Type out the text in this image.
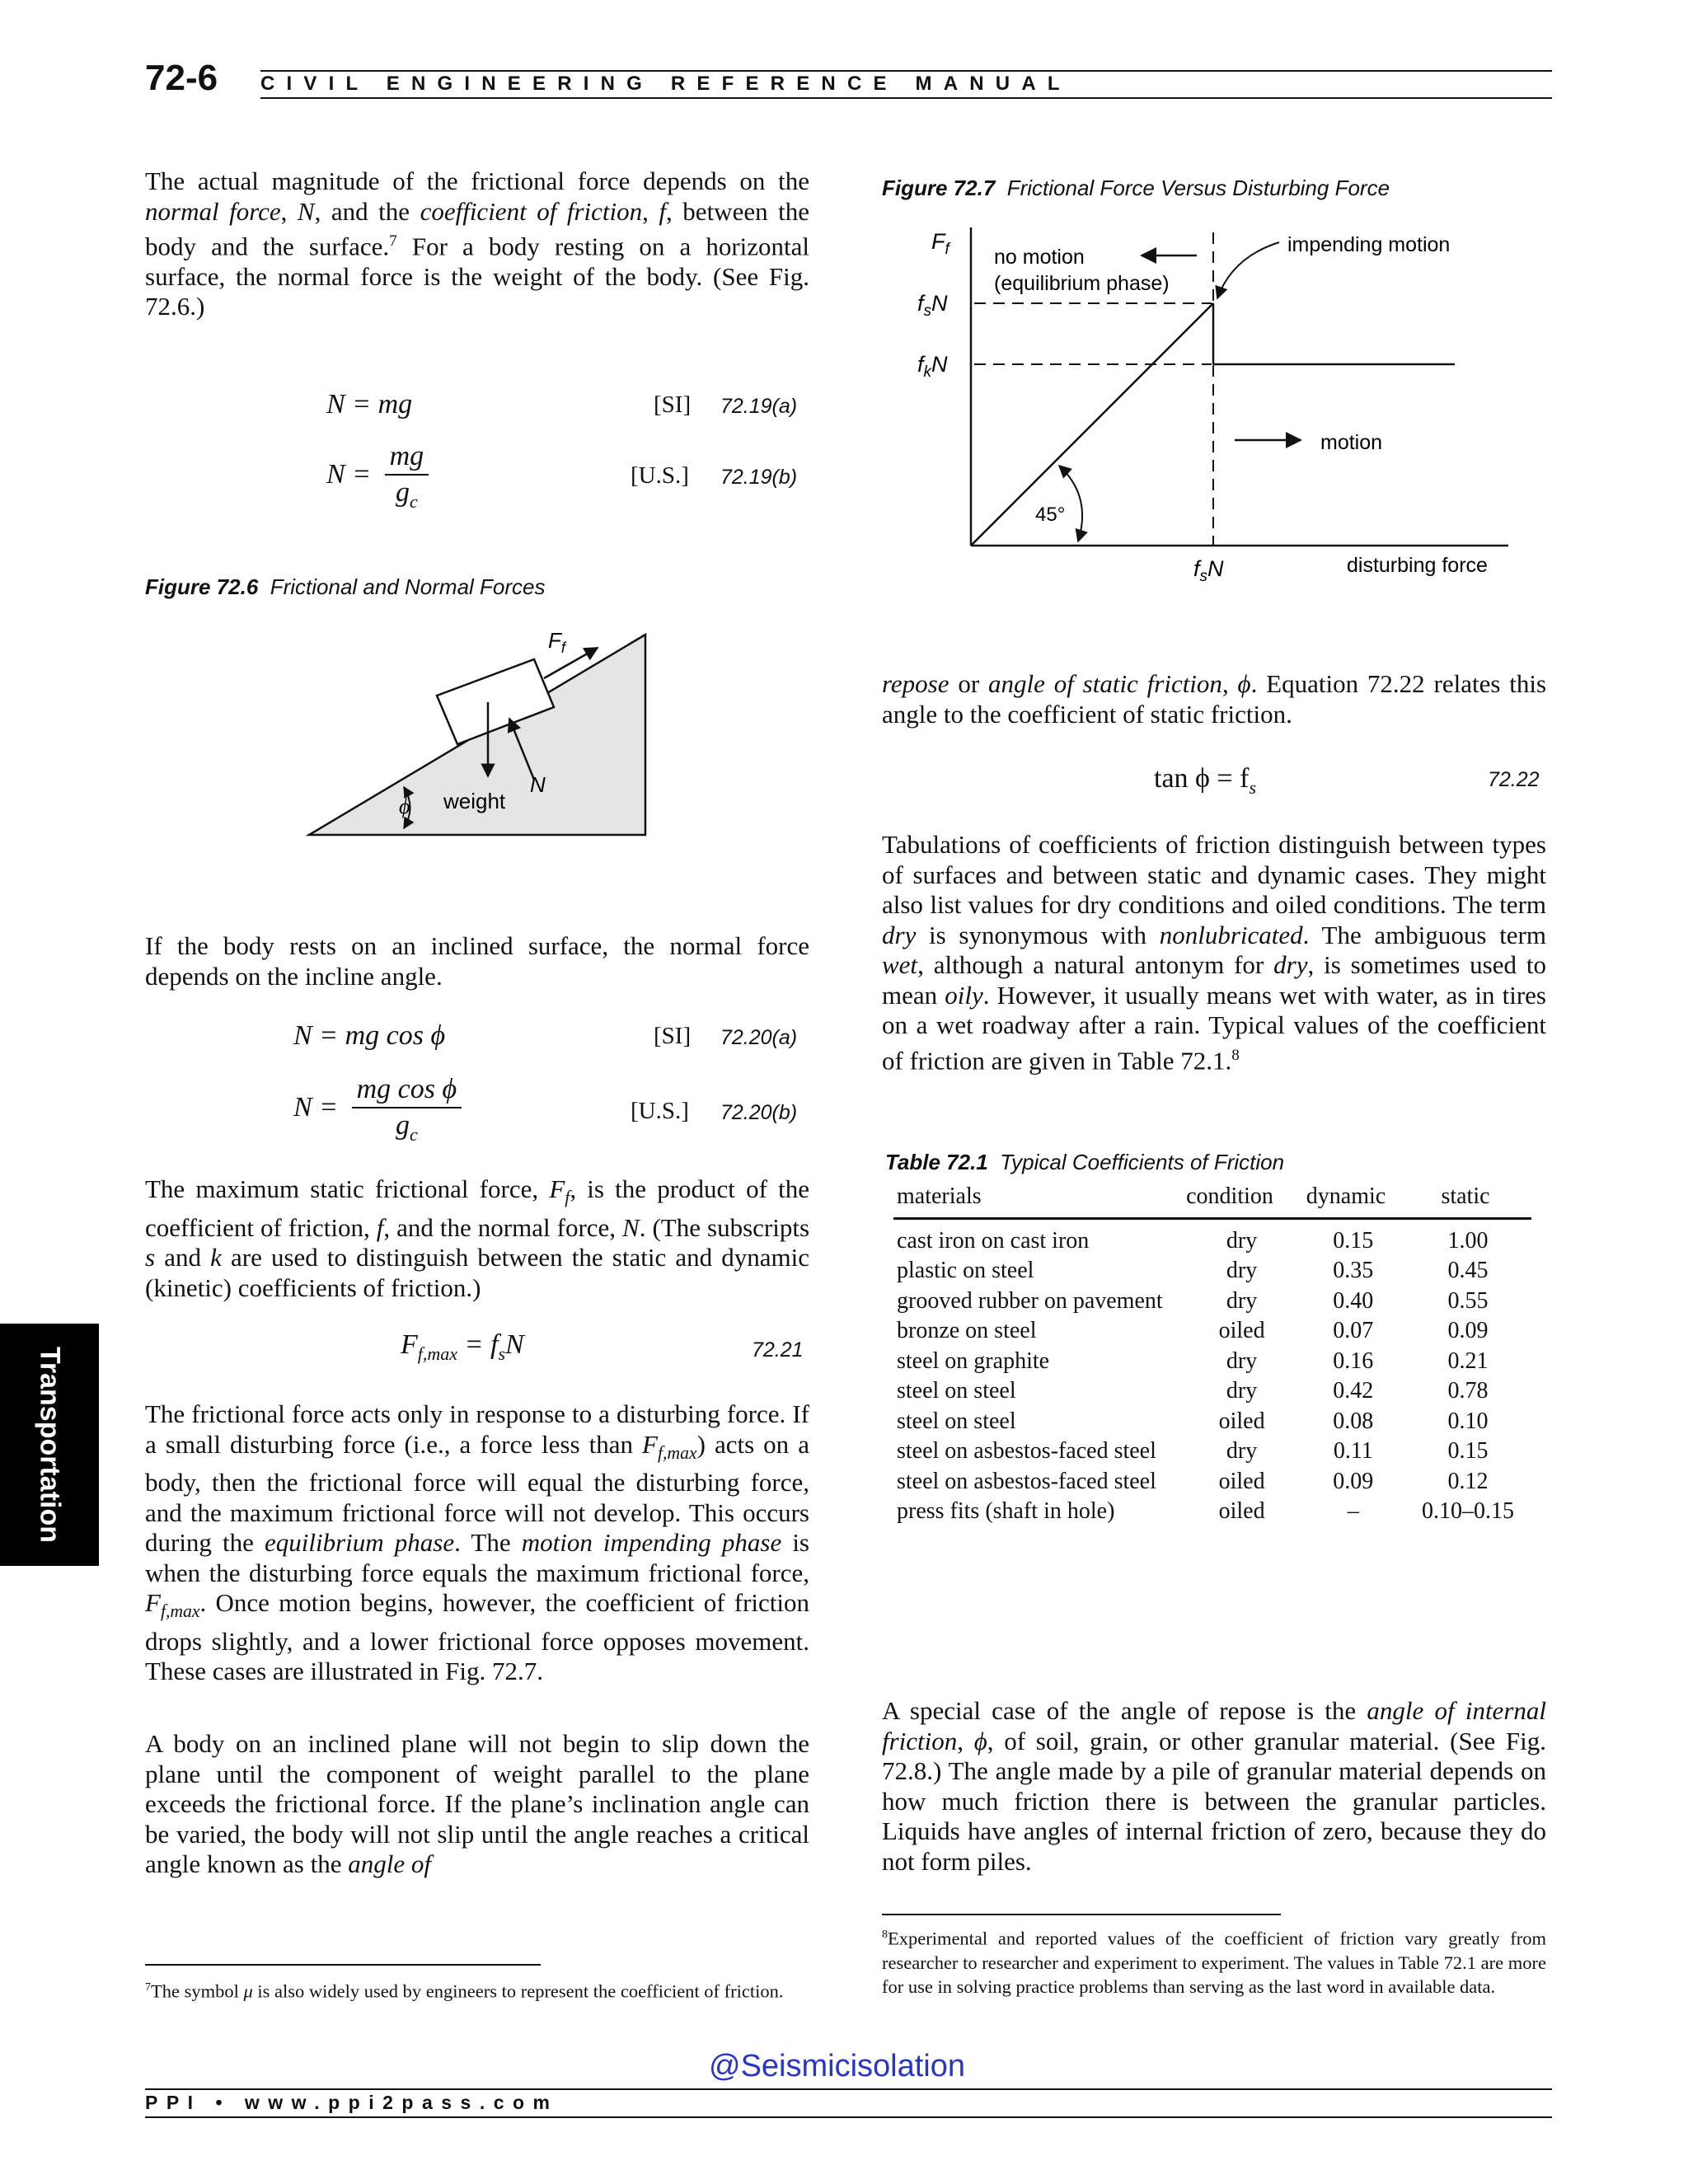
72-6 CIVIL ENGINEERING REFERENCE MANUAL
Transportation

The actual magnitude of the frictional force depends on the normal force, N, and the coefficient of friction, f, between the body and the surface.$^7$ For a body resting on a horizontal surface, the normal force is the weight of the body. (See Fig. 72.6.)

N = mg	[SI] 72.19(a)
$N = \frac{mg}{g_c}$	[U.S.] 72.19(b)
Figure 72.6 Frictional and Normal Forces
$F_f$
N
weight
ϕ

If the body rests on an inclined surface, the normal force depends on the incline angle.

N = mg cos ϕ	[SI] 72.20(a)
$N = \frac{\text{mg cos ϕ}}{g_c}$	[U.S.] 72.20(b)

The maximum static frictional force, $F_f$, is the product of the coefficient of friction, f, and the normal force, N. (The subscripts s and k are used to distinguish between the static and dynamic (kinetic) coefficients of friction.)

$F_{f,max} = f_sN$	72.21

The frictional force acts only in response to a disturbing force. If a small disturbing force (i.e., a force less than $F_{f,max}$) acts on a body, then the frictional force will equal the disturbing force, and the maximum frictional force will not develop. This occurs during the equilibrium phase. The motion impending phase is when the disturbing force equals the maximum frictional force, $F_{f,max}$. Once motion begins, however, the coefficient of friction drops slightly, and a lower frictional force opposes movement. These cases are illustrated in Fig. 72.7.

A body on an inclined plane will not begin to slip down the plane until the component of weight parallel to the plane exceeds the frictional force. If the plane’s inclination angle can be varied, the body will not slip until the angle reaches a critical angle known as the angle of

$^7$The symbol μ is also widely used by engineers to represent the coefficient of friction.

Figure 72.7 Frictional Force Versus Disturbing Force
$F_f$
$f_sN$
$f_kN$
no motion
(equilibrium phase)
impending motion
motion
45°
$f_sN$	disturbing force

repose or angle of static friction, ϕ. Equation 72.22 relates this angle to the coefficient of static friction.

$\tan \phi = f_s$	72.22

Tabulations of coefficients of friction distinguish between types of surfaces and between static and dynamic cases. They might also list values for dry conditions and oiled conditions. The term dry is synonymous with nonlubricated. The ambiguous term wet, although a natural antonym for dry, is sometimes used to mean oily. However, it usually means wet with water, as in tires on a wet roadway after a rain. Typical values of the coefficient of friction are given in Table 72.1.$^8$

Table 72.1 Typical Coefficients of Friction
materials	condition	dynamic	static
cast iron on cast iron	dry	0.15	1.00
plastic on steel	dry	0.35	0.45
grooved rubber on pavement	dry	0.40	0.55
bronze on steel	oiled	0.07	0.09
steel on graphite	dry	0.16	0.21
steel on steel	dry	0.42	0.78
steel on steel	oiled	0.08	0.10
steel on asbestos-faced steel	dry	0.11	0.15
steel on asbestos-faced steel	oiled	0.09	0.12
press fits (shaft in hole)	oiled	–	0.10–0.15

A special case of the angle of repose is the angle of internal friction, ϕ, of soil, grain, or other granular material. (See Fig. 72.8.) The angle made by a pile of granular material depends on how much friction there is between the granular particles. Liquids have angles of internal friction of zero, because they do not form piles.

$^8$Experimental and reported values of the coefficient of friction vary greatly from researcher to researcher and experiment to experiment. The values in Table 72.1 are more for use in solving practice problems than serving as the last word in available data.

@Seismicisolation
PPI • www.ppi2pass.com
